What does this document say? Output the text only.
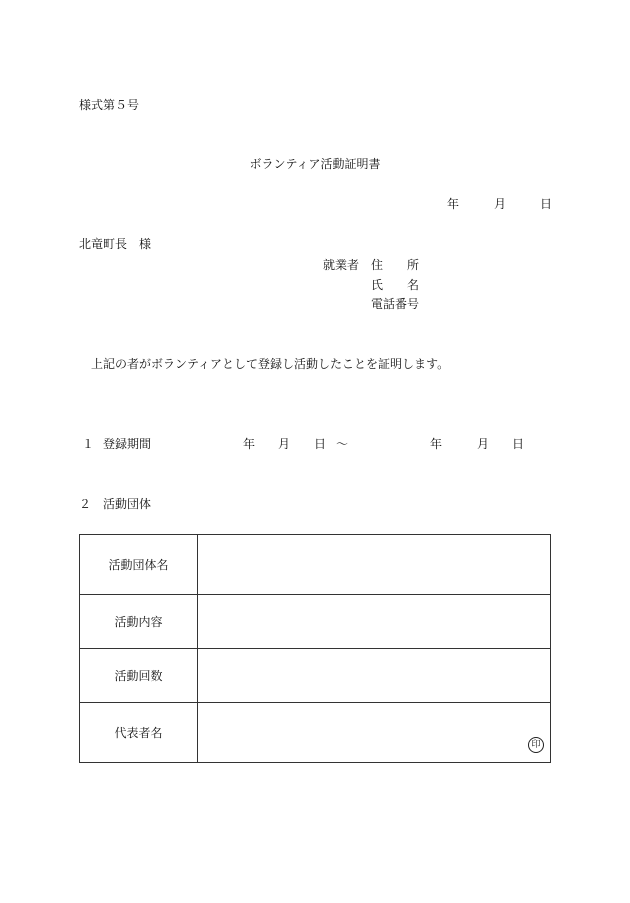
様式第５号
ボランティア活動証明書
年	月	日
北竜町長　様
就業者 住　　所
氏　　名
電話番号
上記の者がボランティアとして登録し活動したことを証明します。
１ 登録期間	年 月 日 ～	年	月 日
２ 活動団体
活動団体名	
活動内容	
活動回数	
代表者名	印
